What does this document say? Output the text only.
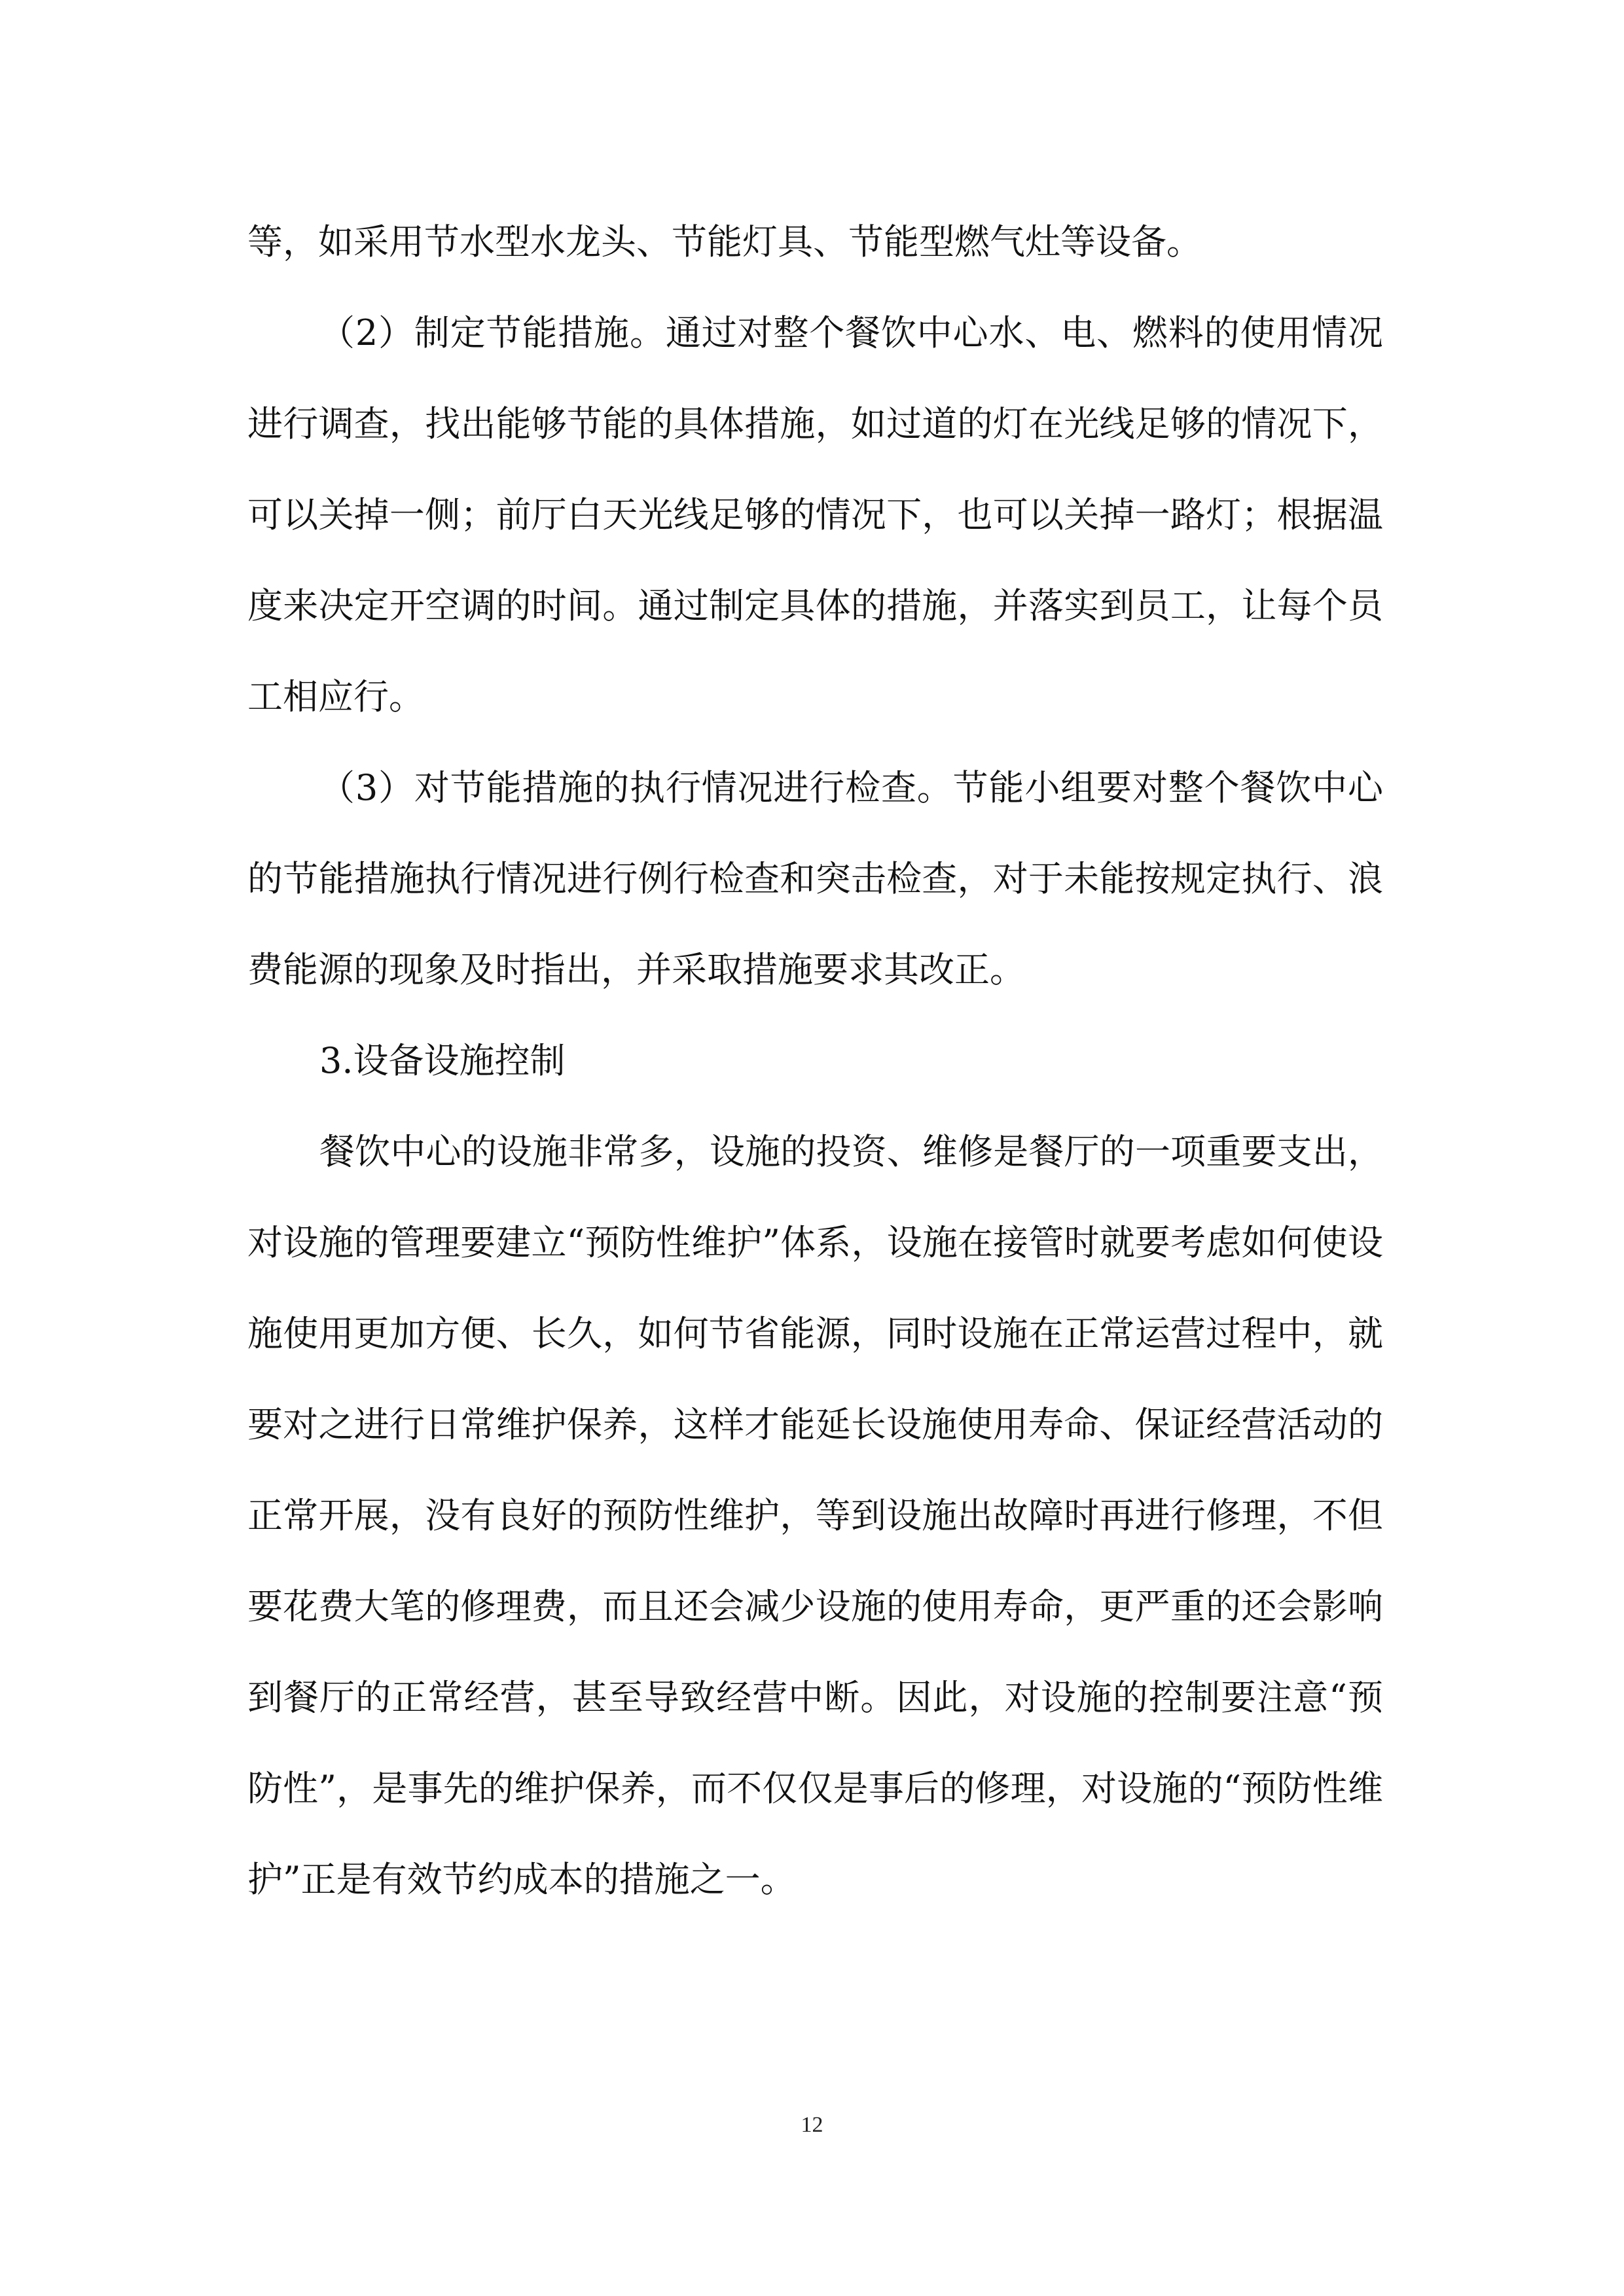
等，如采用节水型水龙头、节能灯具、节能型燃气灶等设备。

（2）制定节能措施。通过对整个餐饮中心水、电、燃料的使用情况进行调查，找出能够节能的具体措施，如过道的灯在光线足够的情况下，可以关掉一侧；前厅白天光线足够的情况下，也可以关掉一路灯；根据温度来决定开空调的时间。通过制定具体的措施，并落实到员工，让每个员工相应行。

（3）对节能措施的执行情况进行检查。节能小组要对整个餐饮中心的节能措施执行情况进行例行检查和突击检查，对于未能按规定执行、浪费能源的现象及时指出，并采取措施要求其改正。

3.设备设施控制

餐饮中心的设施非常多，设施的投资、维修是餐厅的一项重要支出，对设施的管理要建立“预防性维护”体系，设施在接管时就要考虑如何使设施使用更加方便、长久，如何节省能源，同时设施在正常运营过程中，就要对之进行日常维护保养，这样才能延长设施使用寿命、保证经营活动的正常开展，没有良好的预防性维护，等到设施出故障时再进行修理，不但要花费大笔的修理费，而且还会减少设施的使用寿命，更严重的还会影响到餐厅的正常经营，甚至导致经营中断。因此，对设施的控制要注意“预防性”，是事先的维护保养，而不仅仅是事后的修理，对设施的“预防性维护”正是有效节约成本的措施之一。

12
